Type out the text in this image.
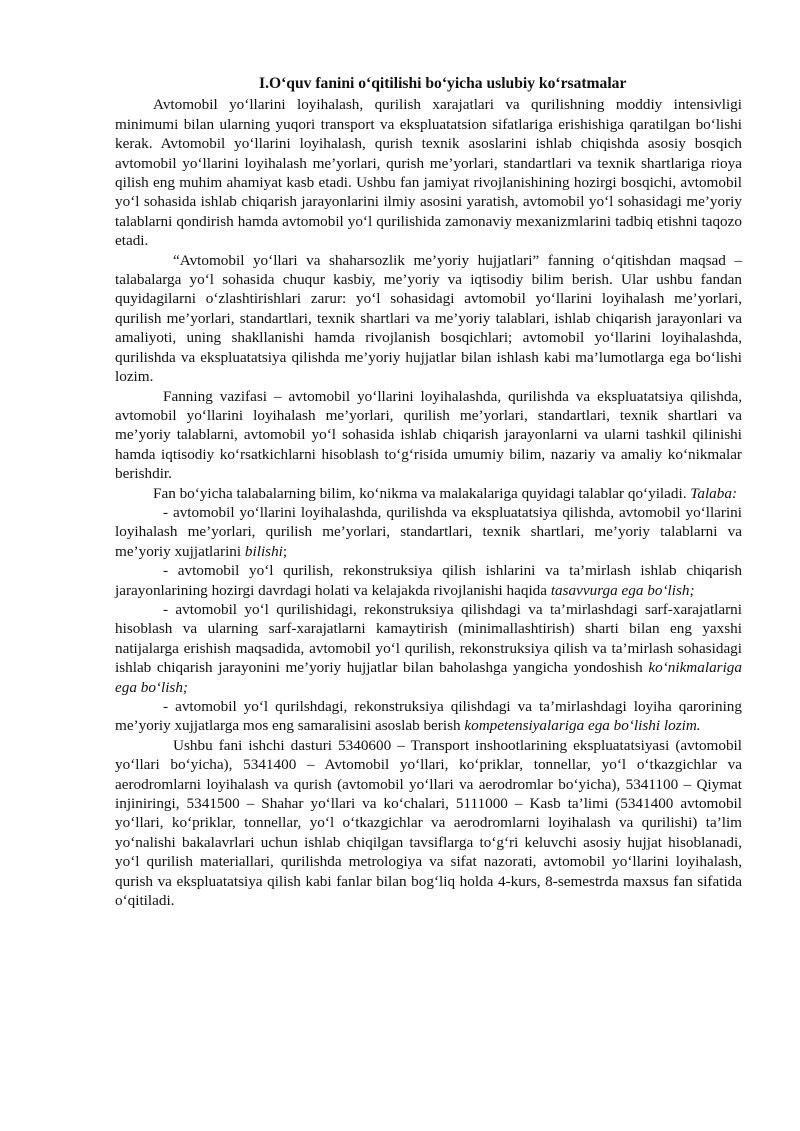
I.O‘quv fanini o‘qitilishi bo‘yicha uslubiy ko‘rsatmalar

Avtomobil yo‘llarini loyihalash, qurilish xarajatlari va qurilishning moddiy intensivligi minimumi bilan ularning yuqori transport va ekspluatatsion sifatlariga erishishiga qaratilgan bo‘lishi kerak. Avtomobil yo‘llarini loyihalash, qurish texnik asoslarini ishlab chiqishda asosiy bosqich avtomobil yo‘llarini loyihalash me’yorlari, qurish me’yorlari, standartlari va texnik shartlariga rioya qilish eng muhim ahamiyat kasb etadi. Ushbu fan jamiyat rivojlanishining hozirgi bosqichi, avtomobil yo‘l sohasida ishlab chiqarish jarayonlarini ilmiy asosini yaratish, avtomobil yo‘l sohasidagi me’yoriy talablarni qondirish hamda avtomobil yo‘l qurilishida zamonaviy mexanizmlarini tadbiq etishni taqozo etadi.

“Avtomobil yo‘llari va shaharsozlik me’yoriy hujjatlari” fanning o‘qitishdan maqsad – talabalarga yo‘l sohasida chuqur kasbiy, me’yoriy va iqtisodiy bilim berish. Ular ushbu fandan quyidagilarni o‘zlashtirishlari zarur: yo‘l sohasidagi avtomobil yo‘llarini loyihalash me’yorlari, qurilish me’yorlari, standartlari, texnik shartlari va me’yoriy talablari, ishlab chiqarish jarayonlari va amaliyoti, uning shakllanishi hamda rivojlanish bosqichlari; avtomobil yo‘llarini loyihalashda, qurilishda va ekspluatatsiya qilishda me’yoriy hujjatlar bilan ishlash kabi ma’lumotlarga ega bo‘lishi lozim.

Fanning vazifasi – avtomobil yo‘llarini loyihalashda, qurilishda va ekspluatatsiya qilishda, avtomobil yo‘llarini loyihalash me’yorlari, qurilish me’yorlari, standartlari, texnik shartlari va me’yoriy talablarni, avtomobil yo‘l sohasida ishlab chiqarish jarayonlarni va ularni tashkil qilinishi hamda iqtisodiy ko‘rsatkichlarni hisoblash to‘g‘risida umumiy bilim, nazariy va amaliy ko‘nikmalar berishdir.

Fan bo‘yicha talabalarning bilim, ko‘nikma va malakalariga quyidagi talablar qo‘yiladi. Talaba:

- avtomobil yo‘llarini loyihalashda, qurilishda va ekspluatatsiya qilishda, avtomobil yo‘llarini loyihalash me’yorlari, qurilish me’yorlari, standartlari, texnik shartlari, me’yoriy talablarni va me’yoriy xujjatlarini bilishi;

- avtomobil yo‘l qurilish, rekonstruksiya qilish ishlarini va ta’mirlash ishlab chiqarish jarayonlarining hozirgi davrdagi holati va kelajakda rivojlanishi haqida tasavvurga ega bo‘lish;

- avtomobil yo‘l qurilishidagi, rekonstruksiya qilishdagi va ta’mirlashdagi sarf-xarajatlarni hisoblash va ularning sarf-xarajatlarni kamaytirish (minimallashtirish) sharti bilan eng yaxshi natijalarga erishish maqsadida, avtomobil yo‘l qurilish, rekonstruksiya qilish va ta’mirlash sohasidagi ishlab chiqarish jarayonini me’yoriy hujjatlar bilan baholashga yangicha yondoshish ko‘nikmalariga ega bo‘lish;

- avtomobil yo‘l qurilshdagi, rekonstruksiya qilishdagi va ta’mirlashdagi loyiha qarorining me’yoriy xujjatlarga mos eng samaralisini asoslab berish kompetensiyalariga ega bo‘lishi lozim.

Ushbu fani ishchi dasturi 5340600 – Transport inshootlarining ekspluatatsiyasi (avtomobil yo‘llari bo‘yicha), 5341400 – Avtomobil yo‘llari, ko‘priklar, tonnellar, yo‘l o‘tkazgichlar va aerodromlarni loyihalash va qurish (avtomobil yo‘llari va aerodromlar bo‘yicha), 5341100 – Qiymat injiniringi, 5341500 – Shahar yo‘llari va ko‘chalari, 5111000 – Kasb ta’limi (5341400 avtomobil yo‘llari, ko‘priklar, tonnellar, yo‘l o‘tkazgichlar va aerodromlarni loyihalash va qurilishi) ta’lim yo‘nalishi bakalavrlari uchun ishlab chiqilgan tavsiflarga to‘g‘ri keluvchi asosiy hujjat hisoblanadi, yo‘l qurilish materiallari, qurilishda metrologiya va sifat nazorati, avtomobil yo‘llarini loyihalash, qurish va ekspluatatsiya qilish kabi fanlar bilan bog‘liq holda 4-kurs, 8-semestrda maxsus fan sifatida o‘qitiladi.
